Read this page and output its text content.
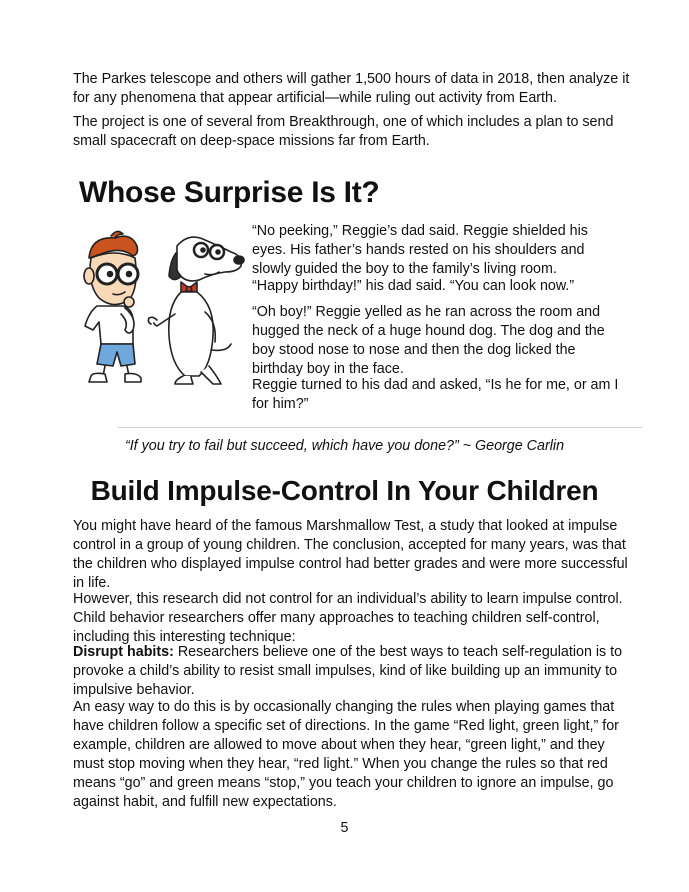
The Parkes telescope and others will gather 1,500 hours of data in 2018, then analyze it for any phenomena that appear artificial—while ruling out activity from Earth.

The project is one of several from Breakthrough, one of which includes a plan to send small spacecraft on deep-space missions far from Earth.

Whose Surprise Is It?

“No peeking,” Reggie’s dad said. Reggie shielded his eyes. His father’s hands rested on his shoulders and slowly guided the boy to the family’s living room.

“Happy birthday!” his dad said. “You can look now.”

“Oh boy!” Reggie yelled as he ran across the room and hugged the neck of a huge hound dog. The dog and the boy stood nose to nose and then the dog licked the birthday boy in the face.

Reggie turned to his dad and asked, “Is he for me, or am I for him?”

“If you try to fail but succeed, which have you done?” ~ George Carlin

Build Impulse-Control In Your Children

You might have heard of the famous Marshmallow Test, a study that looked at impulse control in a group of young children. The conclusion, accepted for many years, was that the children who displayed impulse control had better grades and were more successful in life.

However, this research did not control for an individual’s ability to learn impulse control. Child behavior researchers offer many approaches to teaching children self-control, including this interesting technique:

Disrupt habits: Researchers believe one of the best ways to teach self-regulation is to provoke a child’s ability to resist small impulses, kind of like building up an immunity to impulsive behavior.

An easy way to do this is by occasionally changing the rules when playing games that have children follow a specific set of directions. In the game “Red light, green light,” for example, children are allowed to move about when they hear, “green light,” and they must stop moving when they hear, “red light.” When you change the rules so that red means “go” and green means “stop,” you teach your children to ignore an impulse, go against habit, and fulfill new expectations.

5
